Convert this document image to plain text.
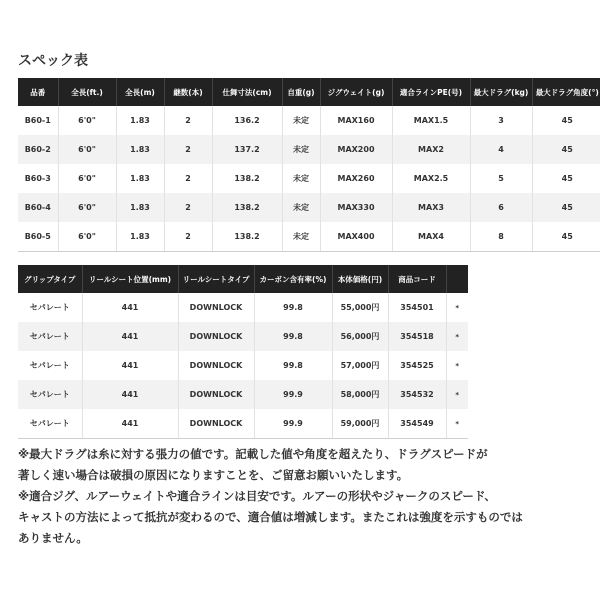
スペック表
品番	全長(ft.)	全長(m)	継数(本)	仕舞寸法(cm)	自重(g)	ジグウェイト(g)	適合ラインPE(号)	最大ドラグ(kg)	最大ドラグ角度(°)
B60-1	6'0"	1.83	2	136.2	未定	MAX160	MAX1.5	3	45
B60-2	6'0"	1.83	2	137.2	未定	MAX200	MAX2	4	45
B60-3	6'0"	1.83	2	138.2	未定	MAX260	MAX2.5	5	45
B60-4	6'0"	1.83	2	138.2	未定	MAX330	MAX3	6	45
B60-5	6'0"	1.83	2	138.2	未定	MAX400	MAX4	8	45
グリップタイプ	リールシート位置(mm)	リールシートタイプ	カーボン含有率(%)	本体価格(円)	商品コード	
セパレート	441	DOWNLOCK	99.8	55,000円	354501	*
セパレート	441	DOWNLOCK	99.8	56,000円	354518	*
セパレート	441	DOWNLOCK	99.8	57,000円	354525	*
セパレート	441	DOWNLOCK	99.9	58,000円	354532	*
セパレート	441	DOWNLOCK	99.9	59,000円	354549	*

※最大ドラグは糸に対する張力の値です。記載した値や角度を超えたり、ドラグスピードが

著しく速い場合は破損の原因になりますことを、ご留意お願いいたします。

※適合ジグ、ルアーウェイトや適合ラインは目安です。ルアーの形状やジャークのスピード、

キャストの方法によって抵抗が変わるので、適合値は増減します。またこれは強度を示すものでは

ありません。
